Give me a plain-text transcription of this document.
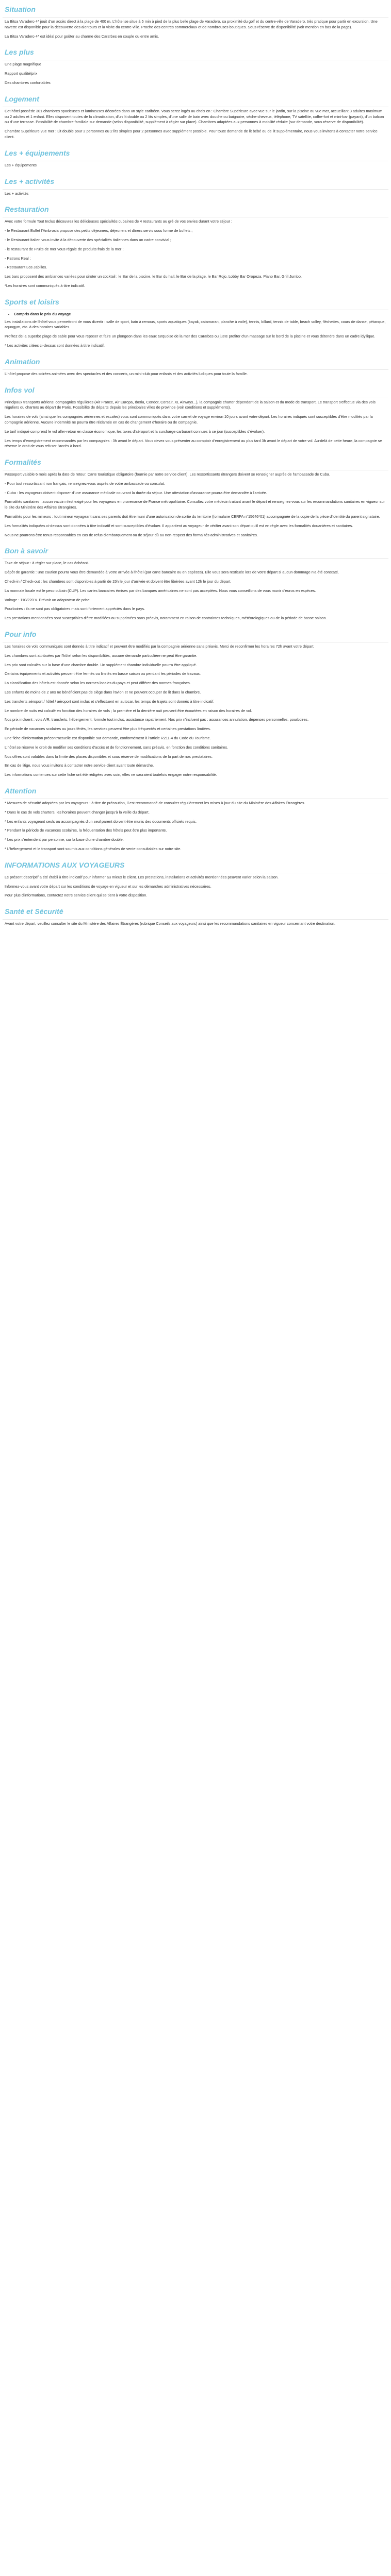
Situation

La Bitsa Varadero 4* jouit d'un accès direct à la plage de 400 m. L'hôtel se situe à 5 min à pied de la plus belle plage de Varadero, sa proximité du golf et du centre-ville de Varadero, très pratique pour partir en excursion. Une navette est disponible pour la découverte des alentours et la visite du centre-ville. Proche des centres commerciaux et de nombreuses boutiques. Sous réserve de disponibilité (voir mention en bas de la page).

La Bitsa Varadero 4* est idéal pour goûter au charme des Caraïbes en couple ou entre amis.

Les plus

Une plage magnifique

Rapport qualité/prix

Des chambres confortables

Logement

Cet hôtel possède 301 chambres spacieuses et lumineuses décorées dans un style caribéen. Vous serez logés au choix en : Chambre Supérieure avec vue sur le jardin, sur la piscine ou vue mer, accueillant 3 adultes maximum ou 2 adultes et 1 enfant. Elles disposent toutes de la climatisation, d'un lit double ou 2 lits simples, d'une salle de bain avec douche ou baignoire, sèche-cheveux, téléphone, TV satellite, coffre-fort et mini-bar (payant), d'un balcon ou d'une terrasse. Possibilité de chambre familiale sur demande (selon disponibilité, supplément à régler sur place). Chambres adaptées aux personnes à mobilité réduite (sur demande, sous réserve de disponibilité).

Chambre Supérieure vue mer : Lit double pour 2 personnes ou 2 lits simples pour 2 personnes avec supplément possible. Pour toute demande de lit bébé ou de lit supplémentaire, nous vous invitons à contacter notre service client.

Les + équipements

Les + équipements

Les + activités

Les + activités

Restauration

Avec votre formule Tout Inclus découvrez les délicieuses spécialités cubaines de 4 restaurants au gré de vos envies durant votre séjour :

- le Restaurant Buffet l'Ambrosia propose des petits déjeuners, déjeuners et dîners servis sous forme de buffets ;

- le Restaurant Italien vous invite à la découverte des spécialités italiennes dans un cadre convivial ;

- le restaurant de Fruits de mer vous régale de produits frais de la mer ;

- Patrons Real ;

- Restaurant Los Jabillos.

Les bars proposent des ambiances variées pour siroter un cocktail : le Bar de la piscine, le Bar du hall, le Bar de la plage, le Bar Rojo, Lobby Bar Oropeza, Piano Bar, Grill Jumbo.

*Les horaires sont communiqués à titre indicatif.

Sports et loisirs
• Compris dans le prix du voyage

Les installations de l'hôtel vous permettront de vous divertir : salle de sport, bain à remous, sports aquatiques (kayak, catamaran, planche à voile), tennis, billard, tennis de table, beach volley, fléchettes, cours de danse, pétanque, aquagym, etc. à des horaires variables.

Profitez de la superbe plage de sable pour vous reposer et faire un plongeon dans les eaux turquoise de la mer des Caraïbes ou juste profiter d'un massage sur le bord de la piscine et vous détendre dans un cadre idyllique.

* Les activités citées ci-dessus sont données à titre indicatif.

Animation

L'hôtel propose des soirées animées avec des spectacles et des concerts, un mini-club pour enfants et des activités ludiques pour toute la famille.

Infos vol

Principaux transports aériens: compagnies régulières (Air France, Air Europa, Iberia, Condor, Corsair, XL Airways...), la compagnie charter dépendant de la saison et du mode de transport. Le transport s'effectue via des vols réguliers ou charters au départ de Paris. Possibilité de départs depuis les principales villes de province (voir conditions et suppléments).

Les horaires de vols (ainsi que les compagnies aériennes et escales) vous sont communiqués dans votre carnet de voyage environ 10 jours avant votre départ. Les horaires indiqués sont susceptibles d'être modifiés par la compagnie aérienne. Aucune indemnité ne pourra être réclamée en cas de changement d'horaire ou de compagnie.

Le tarif indiqué comprend le vol aller-retour en classe économique, les taxes d'aéroport et la surcharge carburant connues à ce jour (susceptibles d'évoluer).

Les temps d'enregistrement recommandés par les compagnies : 3h avant le départ. Vous devez vous présenter au comptoir d'enregistrement au plus tard 3h avant le départ de votre vol. Au-delà de cette heure, la compagnie se réserve le droit de vous refuser l'accès à bord.

Formalités

Passeport valable 6 mois après la date de retour. Carte touristique obligatoire (fournie par notre service client). Les ressortissants étrangers doivent se renseigner auprès de l'ambassade de Cuba.

- Pour tout ressortissant non français, renseignez-vous auprès de votre ambassade ou consulat.

- Cuba : les voyageurs doivent disposer d'une assurance médicale couvrant la durée du séjour. Une attestation d'assurance pourra être demandée à l'arrivée.

Formalités sanitaires : aucun vaccin n'est exigé pour les voyageurs en provenance de France métropolitaine. Consultez votre médecin traitant avant le départ et renseignez-vous sur les recommandations sanitaires en vigueur sur le site du Ministère des Affaires Étrangères.

Formalités pour les mineurs : tout mineur voyageant sans ses parents doit être muni d'une autorisation de sortie du territoire (formulaire CERFA n°15646*01) accompagnée de la copie de la pièce d'identité du parent signataire.

Les formalités indiquées ci-dessus sont données à titre indicatif et sont susceptibles d'évoluer. Il appartient au voyageur de vérifier avant son départ qu'il est en règle avec les formalités douanières et sanitaires.

Nous ne pourrons être tenus responsables en cas de refus d'embarquement ou de séjour dû au non-respect des formalités administratives et sanitaires.

Bon à savoir

Taxe de séjour : à régler sur place, le cas échéant.

Dépôt de garantie : une caution pourra vous être demandée à votre arrivée à l'hôtel (par carte bancaire ou en espèces). Elle vous sera restituée lors de votre départ si aucun dommage n'a été constaté.

Check-in / Check-out : les chambres sont disponibles à partir de 15h le jour d'arrivée et doivent être libérées avant 12h le jour du départ.

La monnaie locale est le peso cubain (CUP). Les cartes bancaires émises par des banques américaines ne sont pas acceptées. Nous vous conseillons de vous munir d'euros en espèces.

Voltage : 110/220 V. Prévoir un adaptateur de prise.

Pourboires : ils ne sont pas obligatoires mais sont fortement appréciés dans le pays.

Les prestations mentionnées sont susceptibles d'être modifiées ou supprimées sans préavis, notamment en raison de contraintes techniques, météorologiques ou de la période de basse saison.

Pour info

Les horaires de vols communiqués sont donnés à titre indicatif et peuvent être modifiés par la compagnie aérienne sans préavis. Merci de reconfirmer les horaires 72h avant votre départ.

Les chambres sont attribuées par l'hôtel selon les disponibilités, aucune demande particulière ne peut être garantie.

Les prix sont calculés sur la base d'une chambre double. Un supplément chambre individuelle pourra être appliqué.

Certains équipements et activités peuvent être fermés ou limités en basse saison ou pendant les périodes de travaux.

La classification des hôtels est donnée selon les normes locales du pays et peut différer des normes françaises.

Les enfants de moins de 2 ans ne bénéficient pas de siège dans l'avion et ne peuvent occuper de lit dans la chambre.

Les transferts aéroport / hôtel / aéroport sont inclus et s'effectuent en autocar, les temps de trajets sont donnés à titre indicatif.

Le nombre de nuits est calculé en fonction des horaires de vols ; la première et la dernière nuit peuvent être écourtées en raison des horaires de vol.

Nos prix incluent : vols A/R, transferts, hébergement, formule tout inclus, assistance rapatriement. Nos prix n'incluent pas : assurances annulation, dépenses personnelles, pourboires.

En période de vacances scolaires ou jours fériés, les services peuvent être plus fréquentés et certaines prestations limitées.

Une fiche d'information précontractuelle est disponible sur demande, conformément à l'article R211-4 du Code du Tourisme.

L'hôtel se réserve le droit de modifier ses conditions d'accès et de fonctionnement, sans préavis, en fonction des conditions sanitaires.

Nos offres sont valables dans la limite des places disponibles et sous réserve de modifications de la part de nos prestataires.

En cas de litige, nous vous invitons à contacter notre service client avant toute démarche.

Les informations contenues sur cette fiche ont été rédigées avec soin, elles ne sauraient toutefois engager notre responsabilité.

Attention

* Mesures de sécurité adoptées par les voyageurs : à titre de précaution, il est recommandé de consulter régulièrement les mises à jour du site du Ministère des Affaires Étrangères.

* Dans le cas de vols charters, les horaires peuvent changer jusqu'à la veille du départ.

* Les enfants voyageant seuls ou accompagnés d'un seul parent doivent être munis des documents officiels requis.

* Pendant la période de vacances scolaires, la fréquentation des hôtels peut être plus importante.

* Les prix s'entendent par personne, sur la base d'une chambre double.

* L'hébergement et le transport sont soumis aux conditions générales de vente consultables sur notre site.

INFORMATIONS AUX VOYAGEURS

Le présent descriptif a été établi à titre indicatif pour informer au mieux le client. Les prestations, installations et activités mentionnées peuvent varier selon la saison.

Informez-vous avant votre départ sur les conditions de voyage en vigueur et sur les démarches administratives nécessaires.

Pour plus d'informations, contactez notre service client qui se tient à votre disposition.

Santé et Sécurité

Avant votre départ, veuillez consulter le site du Ministère des Affaires Étrangères (rubrique Conseils aux voyageurs) ainsi que les recommandations sanitaires en vigueur concernant votre destination.
